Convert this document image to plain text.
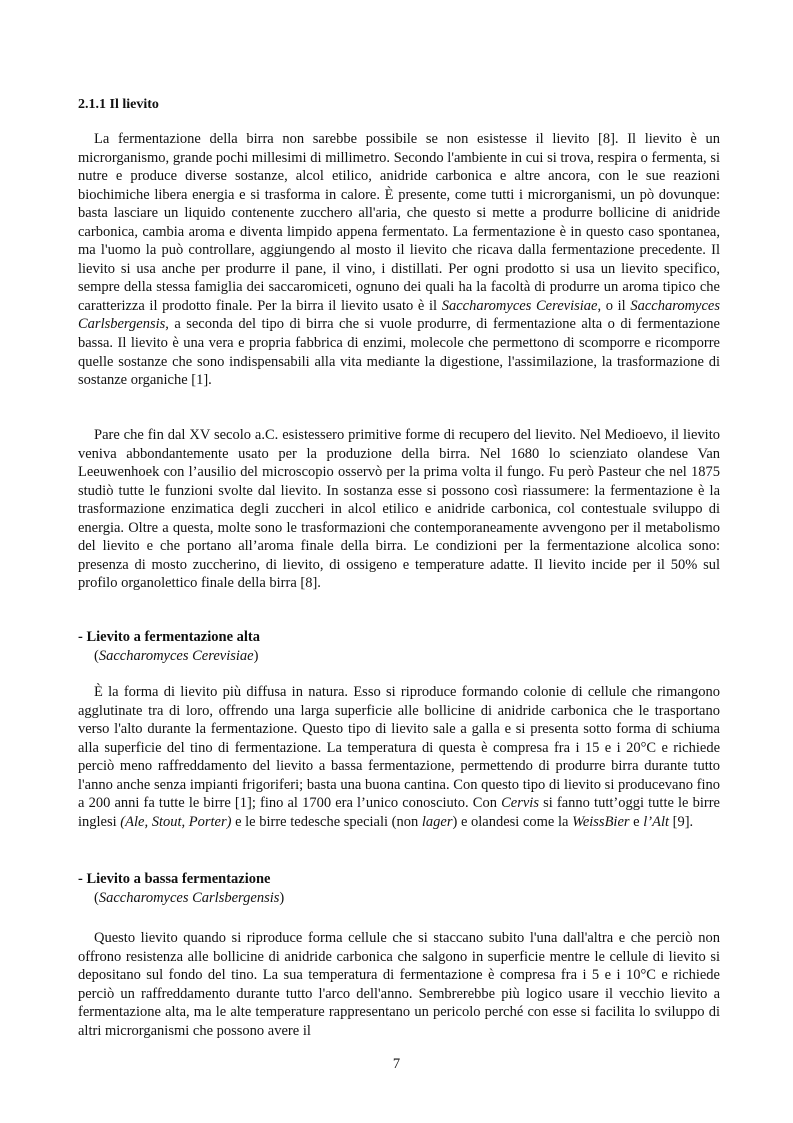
2.1.1 Il lievito
La fermentazione della birra non sarebbe possibile se non esistesse il lievito [8]. Il lievito è un microrganismo, grande pochi millesimi di millimetro. Secondo l'ambiente in cui si trova, respira o fermenta, si nutre e produce diverse sostanze, alcol etilico, anidride carbonica e altre ancora, con le sue reazioni biochimiche libera energia e si trasforma in calore. È presente, come tutti i microrganismi, un pò dovunque: basta lasciare un liquido contenente zucchero all'aria, che questo si mette a produrre bollicine di anidride carbonica, cambia aroma e diventa limpido appena fermentato. La fermentazione è in questo caso spontanea, ma l'uomo la può controllare, aggiungendo al mosto il lievito che ricava dalla fermentazione precedente. Il lievito si usa anche per produrre il pane, il vino, i distillati. Per ogni prodotto si usa un lievito specifico, sempre della stessa famiglia dei saccaromiceti, ognuno dei quali ha la facoltà di produrre un aroma tipico che caratterizza il prodotto finale. Per la birra il lievito usato è il Saccharomyces Cerevisiae, o il Saccharomyces Carlsbergensis, a seconda del tipo di birra che si vuole produrre, di fermentazione alta o di fermentazione bassa. Il lievito è una vera e propria fabbrica di enzimi, molecole che permettono di scomporre e ricomporre quelle sostanze che sono indispensabili alla vita mediante la digestione, l'assimilazione, la trasformazione di sostanze organiche [1].
Pare che fin dal XV secolo a.C. esistessero primitive forme di recupero del lievito. Nel Medioevo, il lievito veniva abbondantemente usato per la produzione della birra. Nel 1680 lo scienziato olandese Van Leeuwenhoek con l’ausilio del microscopio osservò per la prima volta il fungo. Fu però Pasteur che nel 1875 studiò tutte le funzioni svolte dal lievito. In sostanza esse si possono così riassumere: la fermentazione è la trasformazione enzimatica degli zuccheri in alcol etilico e anidride carbonica, col contestuale sviluppo di energia. Oltre a questa, molte sono le trasformazioni che contemporaneamente avvengono per il metabolismo del lievito e che portano all’aroma finale della birra. Le condizioni per la fermentazione alcolica sono: presenza di mosto zuccherino, di lievito, di ossigeno e temperature adatte. Il lievito incide per il 50% sul profilo organolettico finale della birra [8].
- Lievito a fermentazione alta
(Saccharomyces Cerevisiae)
È la forma di lievito più diffusa in natura. Esso si riproduce formando colonie di cellule che rimangono agglutinate tra di loro, offrendo una larga superficie alle bollicine di anidride carbonica che le trasportano verso l'alto durante la fermentazione. Questo tipo di lievito sale a galla e si presenta sotto forma di schiuma alla superficie del tino di fermentazione. La temperatura di questa è compresa fra i 15 e i 20°C e richiede perciò meno raffreddamento del lievito a bassa fermentazione, permettendo di produrre birra durante tutto l'anno anche senza impianti frigoriferi; basta una buona cantina. Con questo tipo di lievito si producevano fino a 200 anni fa tutte le birre [1]; fino al 1700 era l’unico conosciuto. Con Cervis si fanno tutt’oggi tutte le birre inglesi (Ale, Stout, Porter) e le birre tedesche speciali (non lager) e olandesi come la WeissBier e l’Alt [9].
- Lievito a bassa fermentazione
(Saccharomyces Carlsbergensis)
Questo lievito quando si riproduce forma cellule che si staccano subito l'una dall'altra e che perciò non offrono resistenza alle bollicine di anidride carbonica che salgono in superficie mentre le cellule di lievito si depositano sul fondo del tino. La sua temperatura di fermentazione è compresa fra i 5 e i 10°C e richiede perciò un raffreddamento durante tutto l'arco dell'anno. Sembrerebbe più logico usare il vecchio lievito a fermentazione alta, ma le alte temperature rappresentano un pericolo perché con esse si facilita lo sviluppo di altri microrganismi che possono avere il
7
